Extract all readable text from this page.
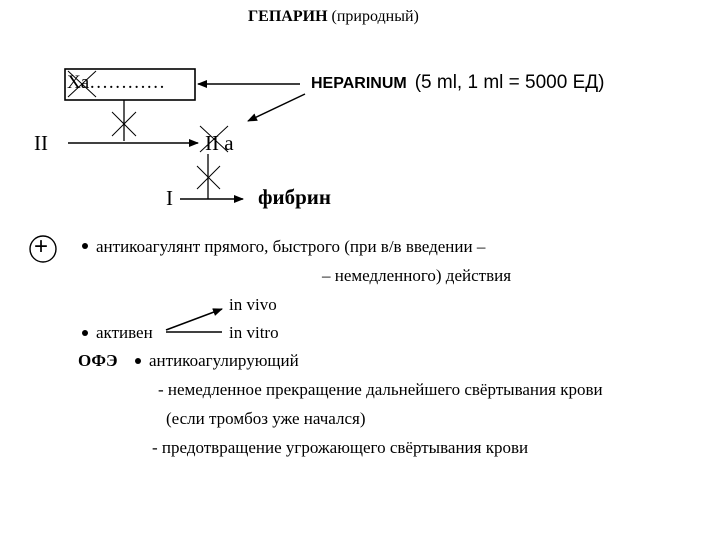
ГЕПАРИН (природный)
Xa…………	HEPARINUM (5 ml, 1 ml = 5000 ЕД)
II	II a
I	фибрин
+	антикоагулянт прямого, быстрого (при в/в введении –
– немедленного) действия
in vivo
активен	in vitro
ОФЭ антикоагулирующий
- немедленное прекращение дальнейшего свёртывания крови
(если тромбоз уже начался)
- предотвращение угрожающего свёртывания крови
